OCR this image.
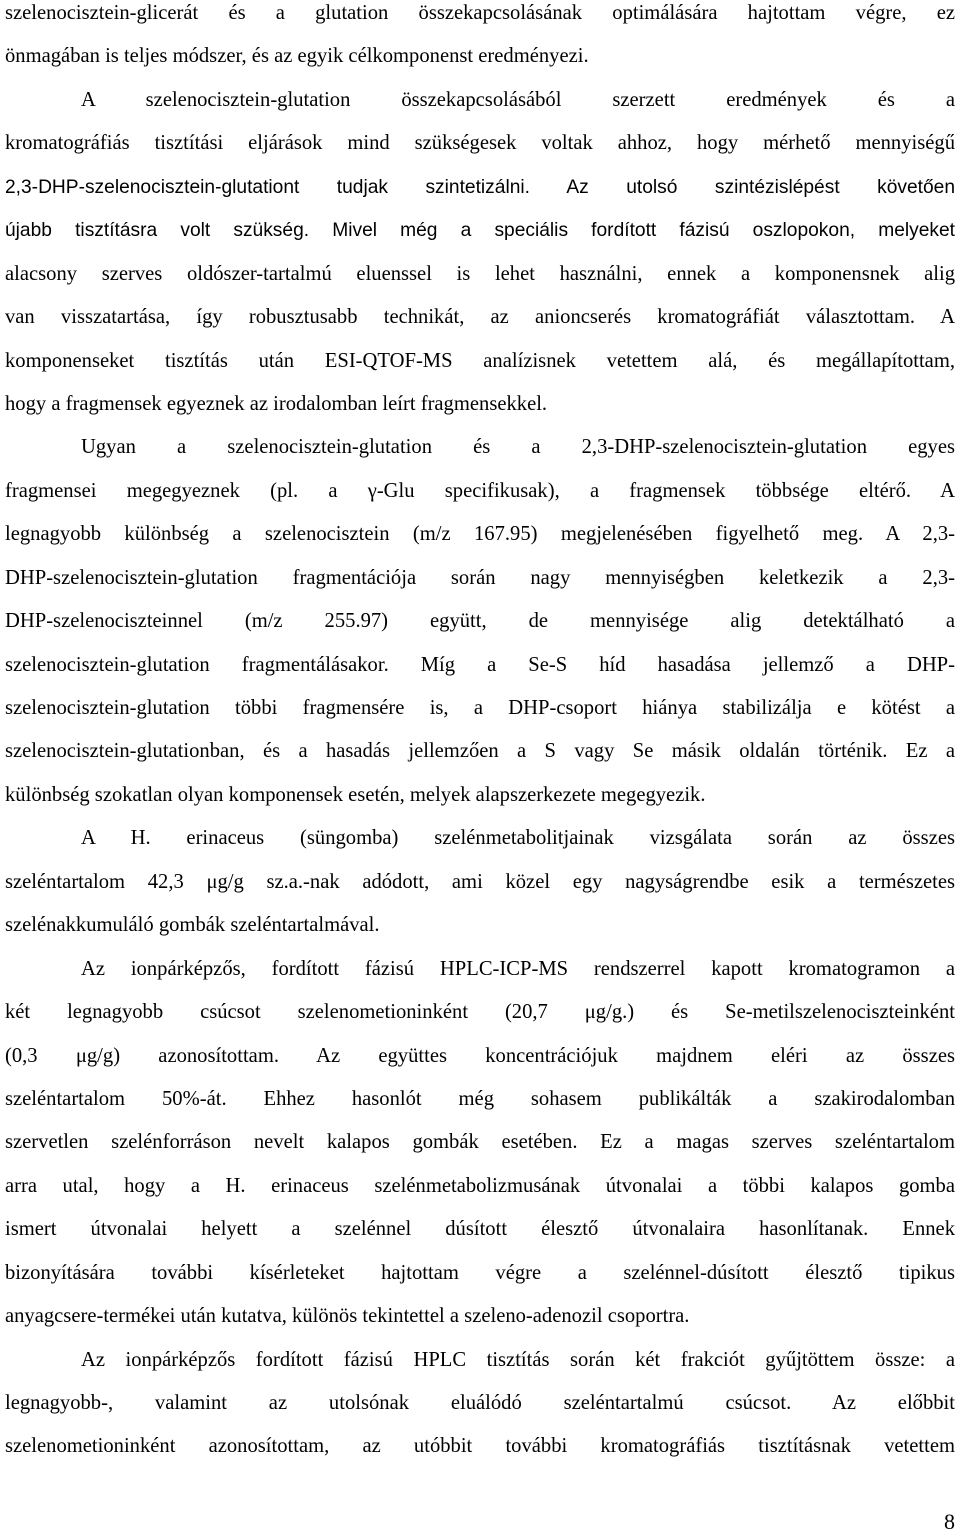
szelenocisztein-glicerát és a glutation összekapcsolásának optimálására hajtottam végre, ez
önmagában is teljes módszer, és az egyik célkomponenst eredményezi.
A szelenocisztein-glutation összekapcsolásából szerzett eredmények és a
kromatográfiás tisztítási eljárások mind szükségesek voltak ahhoz, hogy mérhető mennyiségű
2,3-DHP-szelenocisztein-glutationt tudjak szintetizálni. Az utolsó szintézislépést követően
újabb tisztításra volt szükség. Mivel még a speciális fordított fázisú oszlopokon, melyeket
alacsony szerves oldószer-tartalmú eluenssel is lehet használni, ennek a komponensnek alig
van visszatartása, így robusztusabb technikát, az anioncserés kromatográfiát választottam. A
komponenseket tisztítás után ESI-QTOF-MS analízisnek vetettem alá, és megállapítottam,
hogy a fragmensek egyeznek az irodalomban leírt fragmensekkel.
Ugyan a szelenocisztein-glutation és a 2,3-DHP-szelenocisztein-glutation egyes
fragmensei megegyeznek (pl. a γ-Glu specifikusak), a fragmensek többsége eltérő. A
legnagyobb különbség a szelenocisztein (m/z 167.95) megjelenésében figyelhető meg. A 2,3-
DHP-szelenocisztein-glutation fragmentációja során nagy mennyiségben keletkezik a 2,3-
DHP-szelenociszteinnel (m/z 255.97) együtt, de mennyisége alig detektálható a
szelenocisztein-glutation fragmentálásakor. Míg a Se-S híd hasadása jellemző a DHP-
szelenocisztein-glutation többi fragmensére is, a DHP-csoport hiánya stabilizálja e kötést a
szelenocisztein-glutationban, és a hasadás jellemzően a S vagy Se másik oldalán történik. Ez a
különbség szokatlan olyan komponensek esetén, melyek alapszerkezete megegyezik.
A H. erinaceus (süngomba) szelénmetabolitjainak vizsgálata során az összes
szeléntartalom 42,3 μg/g sz.a.-nak adódott, ami közel egy nagyságrendbe esik a természetes
szelénakkumuláló gombák szeléntartalmával.
Az ionpárképzős, fordított fázisú HPLC-ICP-MS rendszerrel kapott kromatogramon a
két legnagyobb csúcsot szelenometioninként (20,7 μg/g.) és Se-metilszelenociszteinként
(0,3 μg/g) azonosítottam. Az együttes koncentrációjuk majdnem eléri az összes
szeléntartalom 50%-át. Ehhez hasonlót még sohasem publikálták a szakirodalomban
szervetlen szelénforráson nevelt kalapos gombák esetében. Ez a magas szerves szeléntartalom
arra utal, hogy a H. erinaceus szelénmetabolizmusának útvonalai a többi kalapos gomba
ismert útvonalai helyett a szelénnel dúsított élesztő útvonalaira hasonlítanak. Ennek
bizonyítására további kísérleteket hajtottam végre a szelénnel-dúsított élesztő tipikus
anyagcsere-termékei után kutatva, különös tekintettel a szeleno-adenozil csoportra.
Az ionpárképzős fordított fázisú HPLC tisztítás során két frakciót gyűjtöttem össze: a
legnagyobb-, valamint az utolsónak eluálódó szeléntartalmú csúcsot. Az előbbit
szelenometioninként azonosítottam, az utóbbit további kromatográfiás tisztításnak vetettem
8
